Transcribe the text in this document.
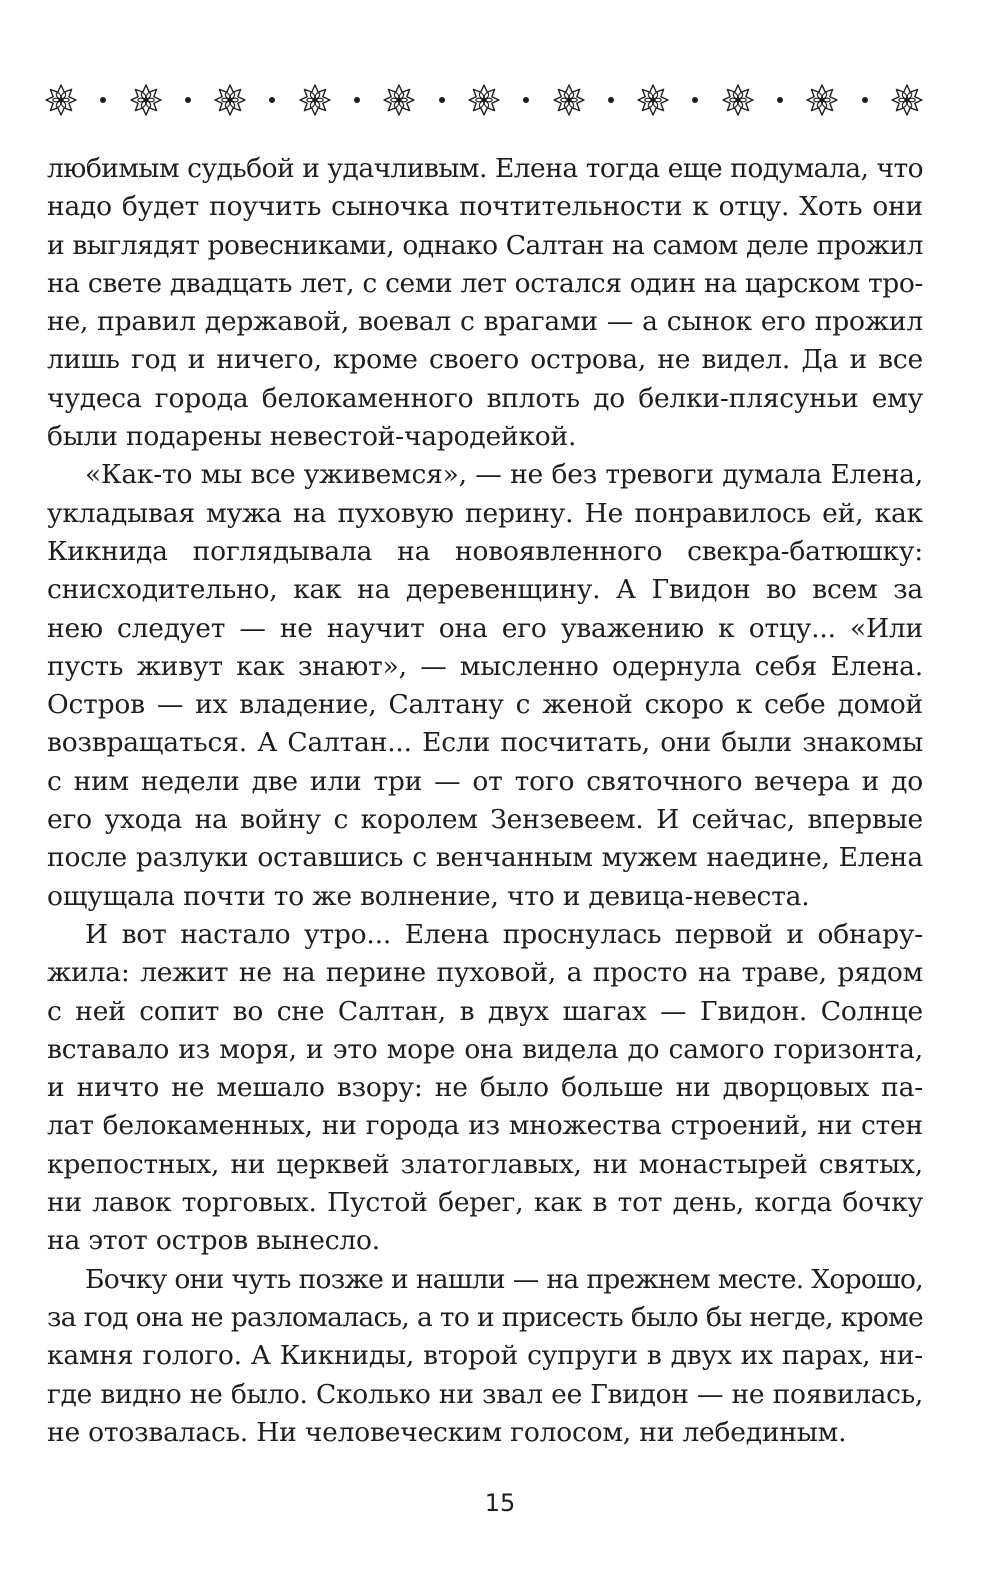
любимым судьбой и удачливым. Елена тогда еще подумала, что
надо будет поучить сыночка почтительности к отцу. Хоть они
и выглядят ровесниками, однако Салтан на самом деле прожил
на свете двадцать лет, с семи лет остался один на царском тро-
не, правил державой, воевал с врагами — а сынок его прожил
лишь год и ничего, кроме своего острова, не видел. Да и все
чудеса города белокаменного вплоть до белки-плясуньи ему
были подарены невестой-чародейкой.
«Как-то мы все уживемся», — не без тревоги думала Елена,
укладывая мужа на пуховую перину. Не понравилось ей, как
Кикнида поглядывала на новоявленного свекра-батюшку:
снисходительно, как на деревенщину. А Гвидон во всем за
нею следует — не научит она его уважению к отцу... «Или
пусть живут как знают», — мысленно одернула себя Елена.
Остров — их владение, Салтану с женой скоро к себе домой
возвращаться. А Салтан... Если посчитать, они были знакомы
с ним недели две или три — от того святочного вечера и до
его ухода на войну с королем Зензевеем. И сейчас, впервые
после разлуки оставшись с венчанным мужем наедине, Елена
ощущала почти то же волнение, что и девица-невеста.
И вот настало утро... Елена проснулась первой и обнару-
жила: лежит не на перине пуховой, а просто на траве, рядом
с ней сопит во сне Салтан, в двух шагах — Гвидон. Солнце
вставало из моря, и это море она видела до самого горизонта,
и ничто не мешало взору: не было больше ни дворцовых па-
лат белокаменных, ни города из множества строений, ни стен
крепостных, ни церквей златоглавых, ни монастырей святых,
ни лавок торговых. Пустой берег, как в тот день, когда бочку
на этот остров вынесло.
Бочку они чуть позже и нашли — на прежнем месте. Хорошо,
за год она не разломалась, а то и присесть было бы негде, кроме
камня голого. А Кикниды, второй супруги в двух их парах, ни-
где видно не было. Сколько ни звал ее Гвидон — не появилась,
не отозвалась. Ни человеческим голосом, ни лебединым.
15
